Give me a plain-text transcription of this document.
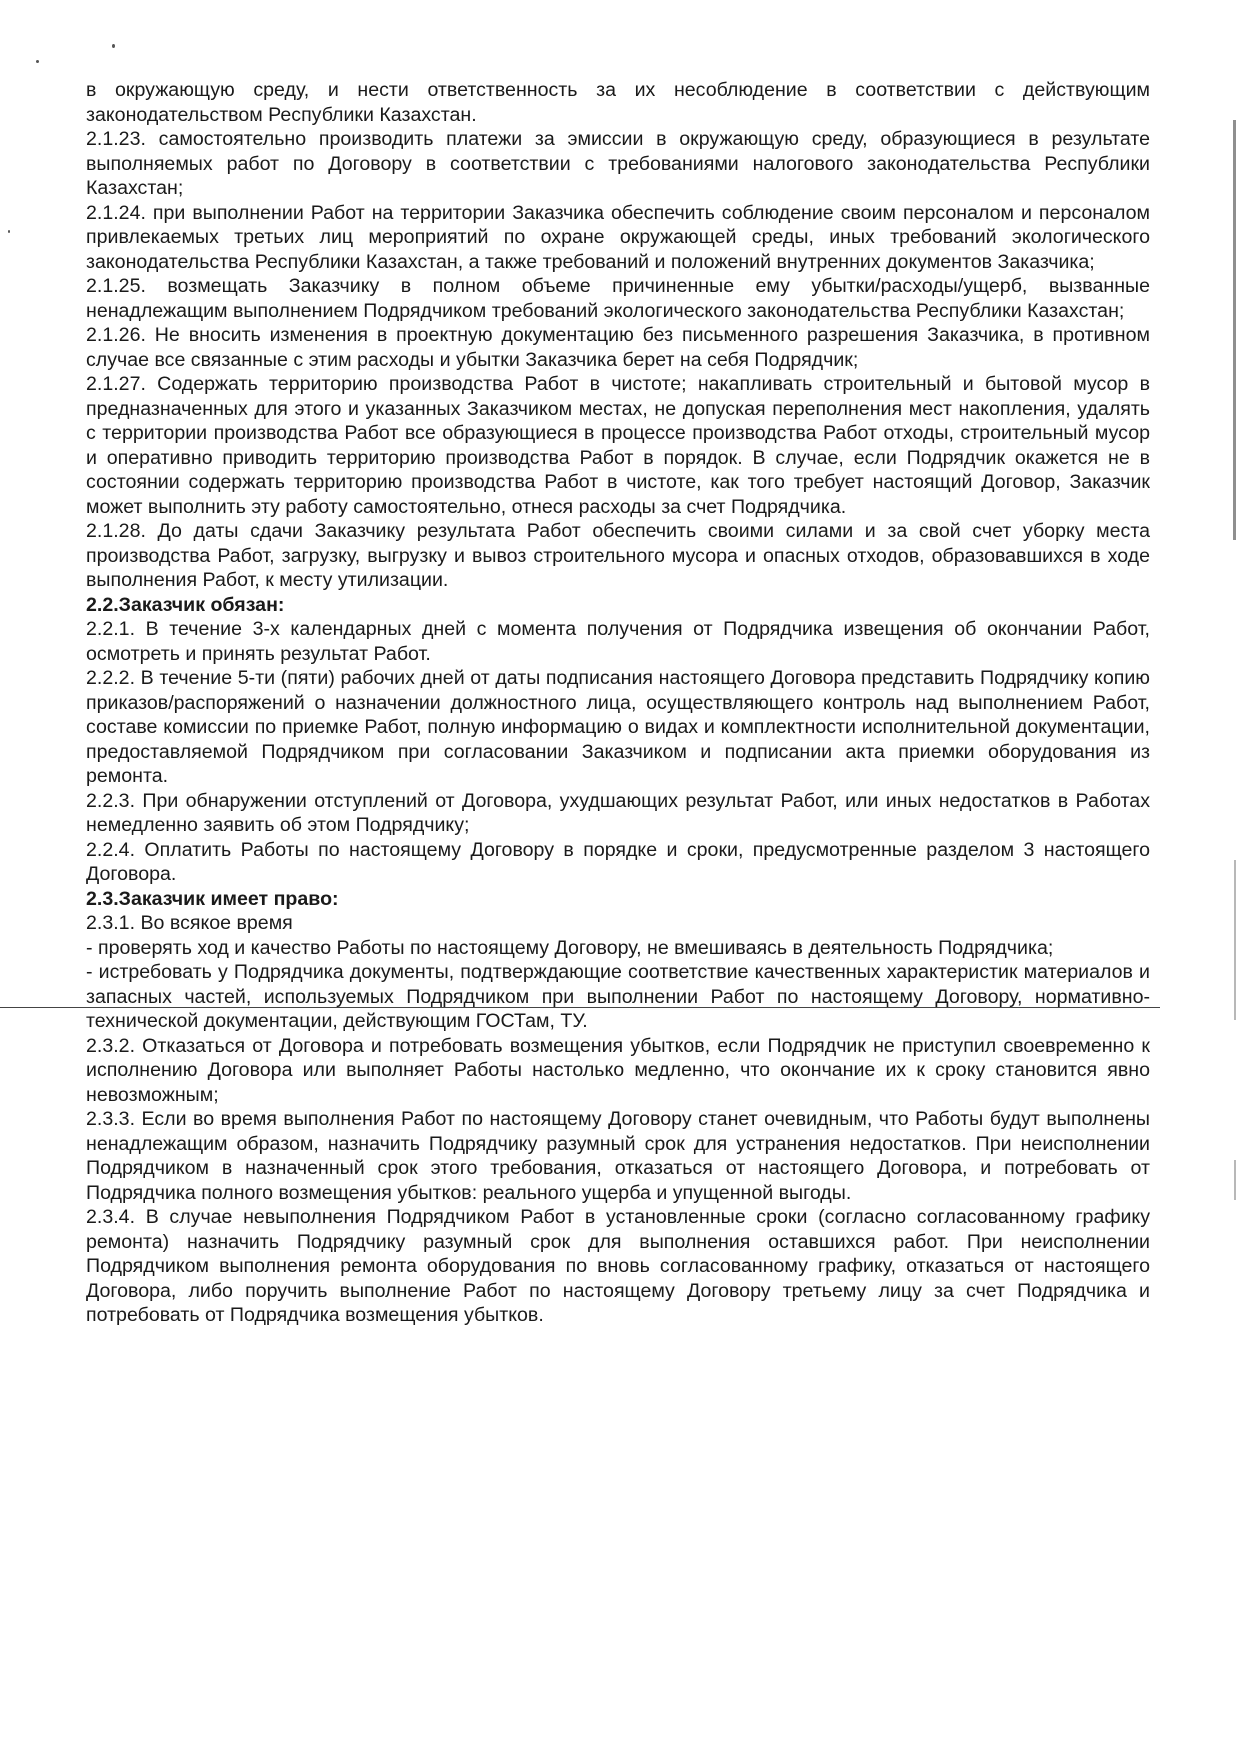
в окружающую среду, и нести ответственность за их несоблюдение в соответствии с действующим законодательством Республики Казахстан.

2.1.23. самостоятельно производить платежи за эмиссии в окружающую среду, образующиеся в результате выполняемых работ по Договору в соответствии с требованиями налогового законодательства Республики Казахстан;

2.1.24. при выполнении Работ на территории Заказчика обеспечить соблюдение своим персоналом и персоналом привлекаемых третьих лиц мероприятий по охране окружающей среды, иных требований экологического законодательства Республики Казахстан, а также требований и положений внутренних документов Заказчика;

2.1.25. возмещать Заказчику в полном объеме причиненные ему убытки/расходы/ущерб, вызванные ненадлежащим выполнением Подрядчиком требований экологического законодательства Республики Казахстан;

2.1.26. Не вносить изменения в проектную документацию без письменного разрешения Заказчика, в противном случае все связанные с этим расходы и убытки Заказчика берет на себя Подрядчик;

2.1.27. Содержать территорию производства Работ в чистоте; накапливать строительный и бытовой мусор в предназначенных для этого и указанных Заказчиком местах, не допуская переполнения мест накопления, удалять с территории производства Работ все образующиеся в процессе производства Работ отходы, строительный мусор и оперативно приводить территорию производства Работ в порядок. В случае, если Подрядчик окажется не в состоянии содержать территорию производства Работ в чистоте, как того требует настоящий Договор, Заказчик может выполнить эту работу самостоятельно, отнеся расходы за счет Подрядчика.

2.1.28. До даты сдачи Заказчику результата Работ обеспечить своими силами и за свой счет уборку места производства Работ, загрузку, выгрузку и вывоз строительного мусора и опасных отходов, образовавшихся в ходе выполнения Работ, к месту утилизации.

2.2.Заказчик обязан:

2.2.1. В течение 3-х календарных дней с момента получения от Подрядчика извещения об окончании Работ, осмотреть и принять результат Работ.

2.2.2. В течение 5-ти (пяти) рабочих дней от даты подписания настоящего Договора представить Подрядчику копию приказов/распоряжений о назначении должностного лица, осуществляющего контроль над выполнением Работ, составе комиссии по приемке Работ, полную информацию о видах и комплектности исполнительной документации, предоставляемой Подрядчиком при согласовании Заказчиком и подписании акта приемки оборудования из ремонта.

2.2.3. При обнаружении отступлений от Договора, ухудшающих результат Работ, или иных недостатков в Работах немедленно заявить об этом Подрядчику;

2.2.4. Оплатить Работы по настоящему Договору в порядке и сроки, предусмотренные разделом 3 настоящего Договора.

2.3.Заказчик имеет право:

2.3.1. Во всякое время

- проверять ход и качество Работы по настоящему Договору, не вмешиваясь в деятельность Подрядчика;

- истребовать у Подрядчика документы, подтверждающие соответствие качественных характеристик материалов и запасных частей, используемых Подрядчиком при выполнении Работ по настоящему Договору, нормативно-технической документации, действующим ГОСТам, ТУ.

2.3.2. Отказаться от Договора и потребовать возмещения убытков, если Подрядчик не приступил своевременно к исполнению Договора или выполняет Работы настолько медленно, что окончание их к сроку становится явно невозможным;

2.3.3. Если во время выполнения Работ по настоящему Договору станет очевидным, что Работы будут выполнены ненадлежащим образом, назначить Подрядчику разумный срок для устранения недостатков. При неисполнении Подрядчиком в назначенный срок этого требования, отказаться от настоящего Договора, и потребовать от Подрядчика полного возмещения убытков: реального ущерба и упущенной выгоды.

2.3.4. В случае невыполнения Подрядчиком Работ в установленные сроки (согласно согласованному графику ремонта) назначить Подрядчику разумный срок для выполнения оставшихся работ. При неисполнении Подрядчиком выполнения ремонта оборудования по вновь согласованному графику, отказаться от настоящего Договора, либо поручить выполнение Работ по настоящему Договору третьему лицу за счет Подрядчика и потребовать от Подрядчика возмещения убытков.
